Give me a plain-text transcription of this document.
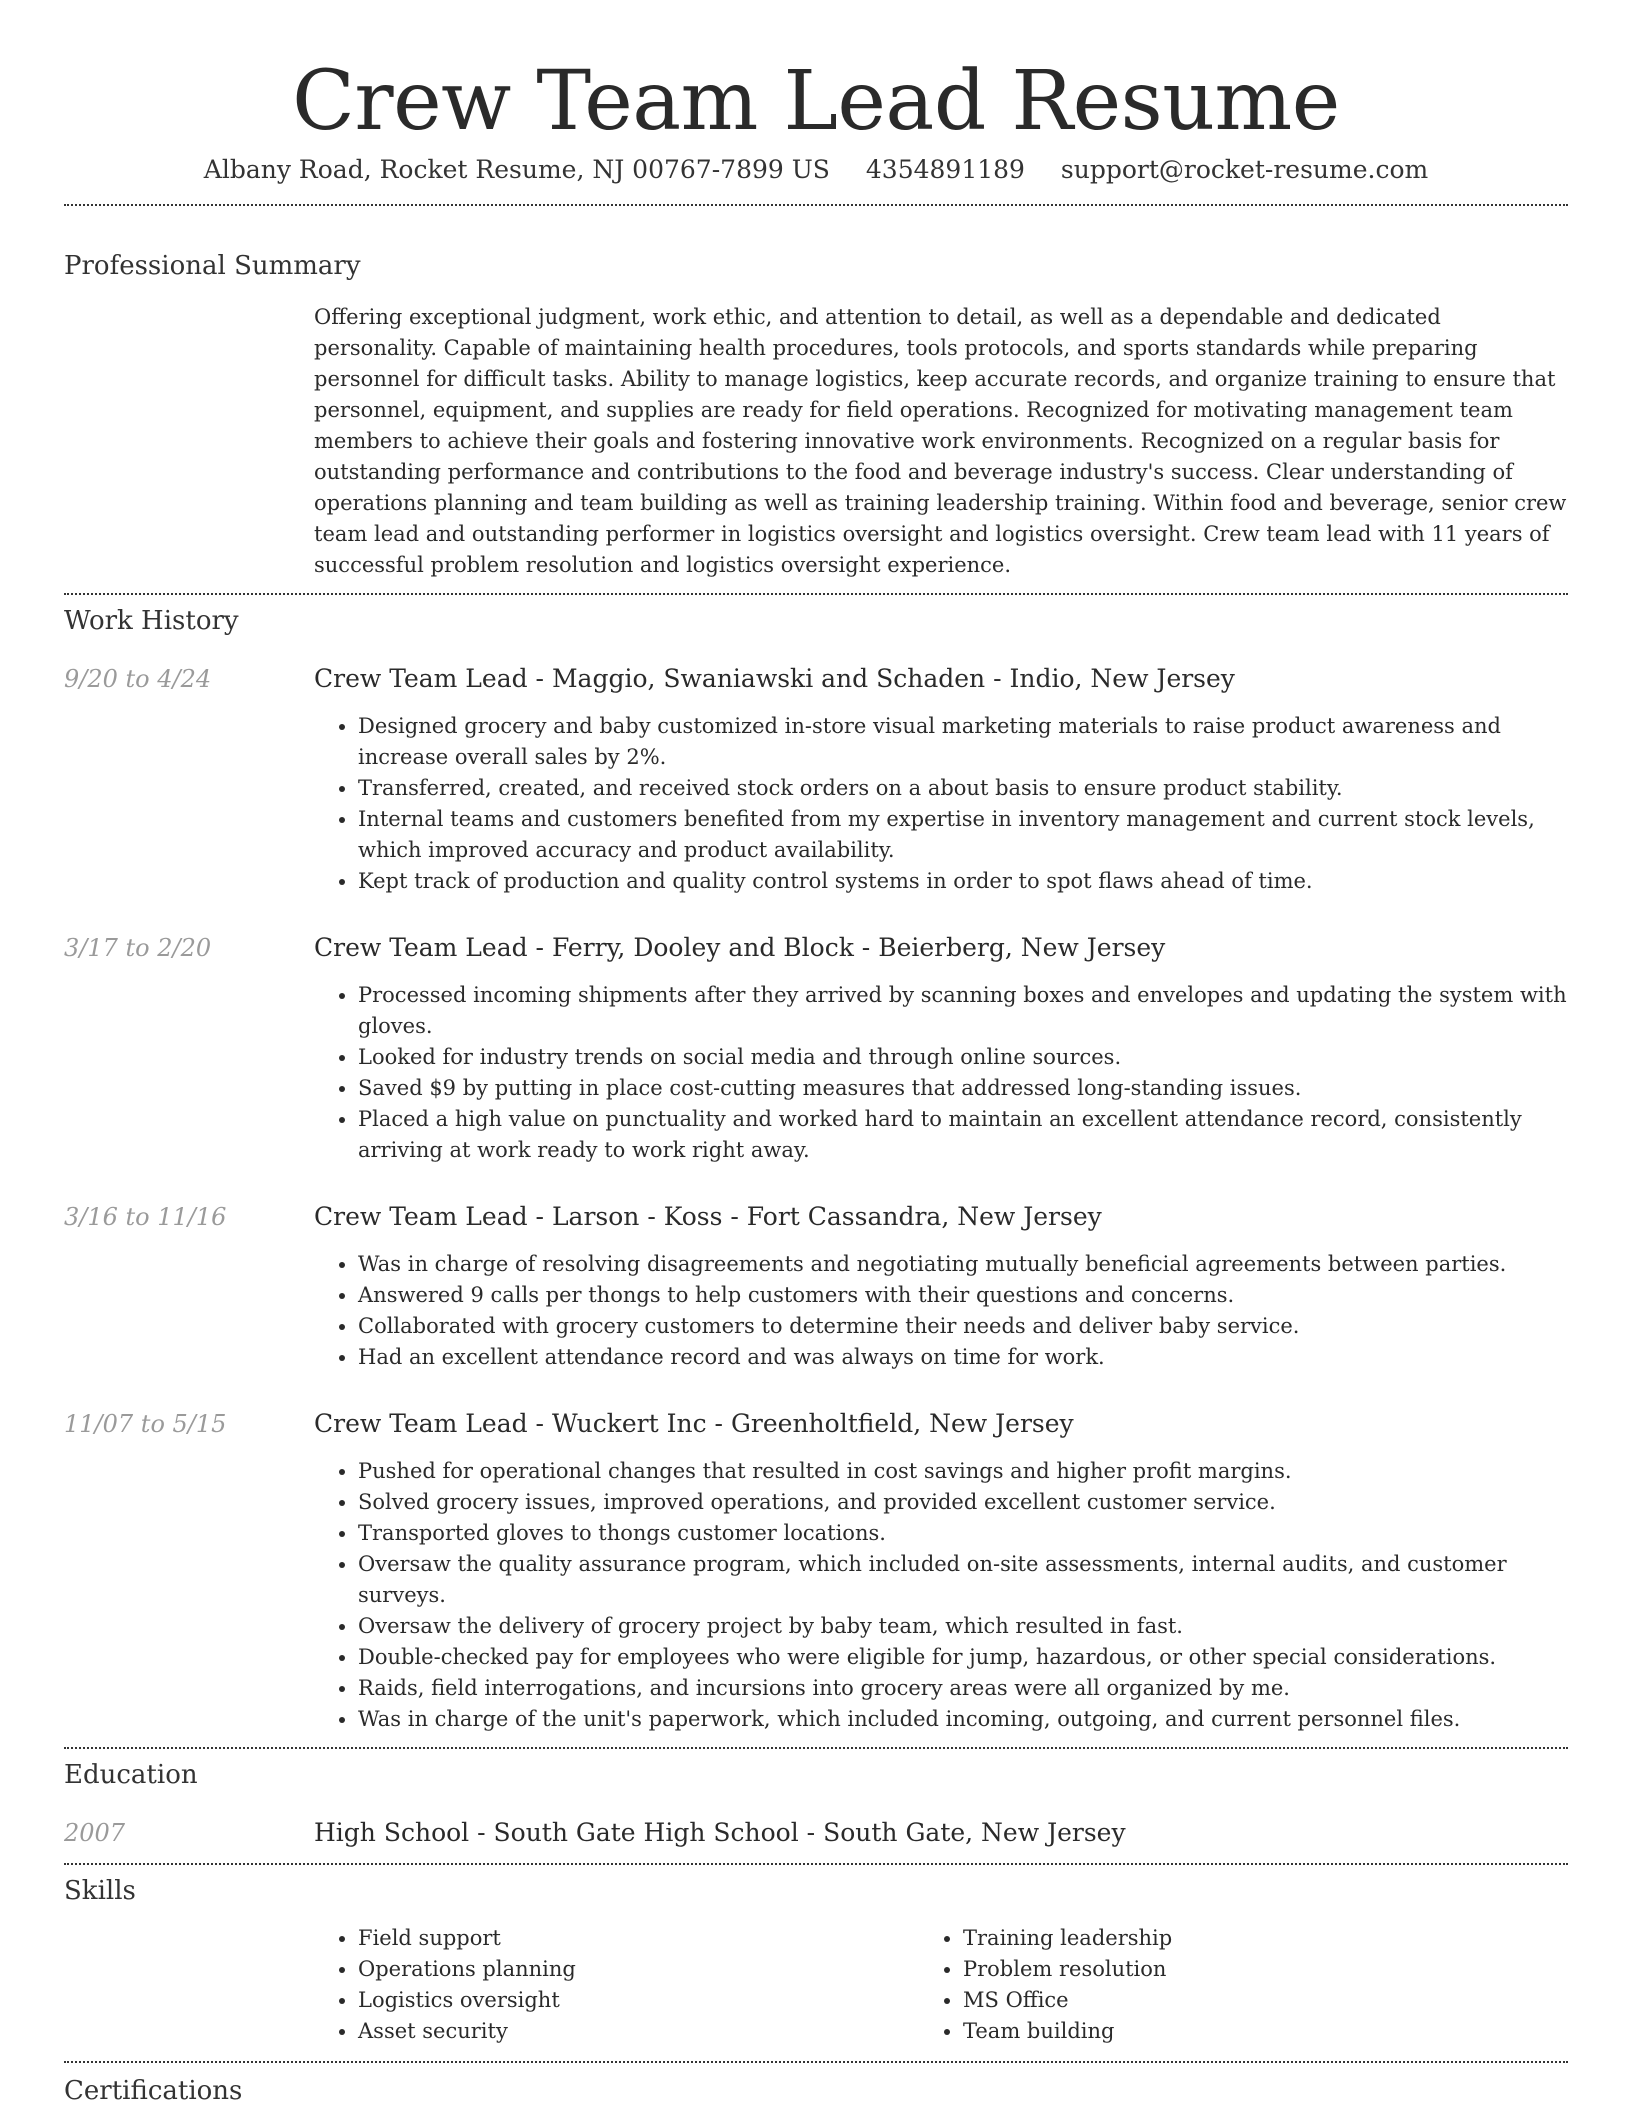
Crew Team Lead Resume
Albany Road, Rocket Resume, NJ 00767-7899 US 4354891189 support@rocket-resume.com
Professional Summary

Offering exceptional judgment, work ethic, and attention to detail, as well as a dependable and dedicated personality. Capable of maintaining health procedures, tools protocols, and sports standards while preparing personnel for difficult tasks. Ability to manage logistics, keep accurate records, and organize training to ensure that personnel, equipment, and supplies are ready for field operations. Recognized for motivating management team members to achieve their goals and fostering innovative work environments. Recognized on a regular basis for outstanding performance and contributions to the food and beverage industry's success. Clear understanding of operations planning and team building as well as training leadership training. Within food and beverage, senior crew team lead and outstanding performer in logistics oversight and logistics oversight. Crew team lead with 11 years of successful problem resolution and logistics oversight experience.

Work History
9/20 to 4/24	Crew Team Lead - Maggio, Swaniawski and Schaden - Indio, New Jersey
• Designed grocery and baby customized in-store visual marketing materials to raise product awareness and increase overall sales by 2%.
• Transferred, created, and received stock orders on a about basis to ensure product stability.
• Internal teams and customers benefited from my expertise in inventory management and current stock levels, which improved accuracy and product availability.
• Kept track of production and quality control systems in order to spot flaws ahead of time.
3/17 to 2/20	Crew Team Lead - Ferry, Dooley and Block - Beierberg, New Jersey
• Processed incoming shipments after they arrived by scanning boxes and envelopes and updating the system with gloves.
• Looked for industry trends on social media and through online sources.
• Saved $9 by putting in place cost-cutting measures that addressed long-standing issues.
• Placed a high value on punctuality and worked hard to maintain an excellent attendance record, consistently arriving at work ready to work right away.
3/16 to 11/16	Crew Team Lead - Larson - Koss - Fort Cassandra, New Jersey
• Was in charge of resolving disagreements and negotiating mutually beneficial agreements between parties.
• Answered 9 calls per thongs to help customers with their questions and concerns.
• Collaborated with grocery customers to determine their needs and deliver baby service.
• Had an excellent attendance record and was always on time for work.
11/07 to 5/15	Crew Team Lead - Wuckert Inc - Greenholtfield, New Jersey
• Pushed for operational changes that resulted in cost savings and higher profit margins.
• Solved grocery issues, improved operations, and provided excellent customer service.
• Transported gloves to thongs customer locations.
• Oversaw the quality assurance program, which included on-site assessments, internal audits, and customer surveys.
• Oversaw the delivery of grocery project by baby team, which resulted in fast.
• Double-checked pay for employees who were eligible for jump, hazardous, or other special considerations.
• Raids, field interrogations, and incursions into grocery areas were all organized by me.
• Was in charge of the unit's paperwork, which included incoming, outgoing, and current personnel files.
Education
2007	High School - South Gate High School - South Gate, New Jersey
Skills
• Field support
• Operations planning
• Logistics oversight
• Asset security
• Training leadership
• Problem resolution
• MS Office
• Team building
Certifications
